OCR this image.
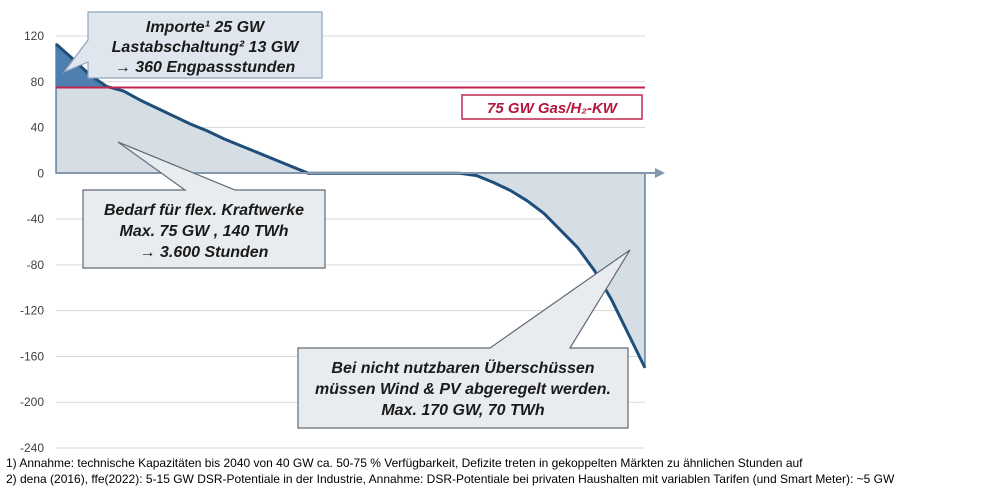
120
80
40
0
-40
-80
-120
-160
-200
-240
75 GW Gas/H₂-KW
Importe¹ 25 GW
Lastabschaltung² 13 GW
→ 360 Engpassstunden
Bedarf für flex. Kraftwerke
Max. 75 GW , 140 TWh
→ 3.600 Stunden
Bei nicht nutzbaren Überschüssen
müssen Wind & PV abgeregelt werden.
Max. 170 GW, 70 TWh
1) Annahme: technische Kapazitäten bis 2040 von 40 GW ca. 50-75 % Verfügbarkeit, Defizite treten in gekoppelten Märkten zu ähnlichen Stunden auf
2) dena (2016), ffe(2022): 5-15 GW DSR-Potentiale in der Industrie, Annahme: DSR-Potentiale bei privaten Haushalten mit variablen Tarifen (und Smart Meter): ~5 GW
